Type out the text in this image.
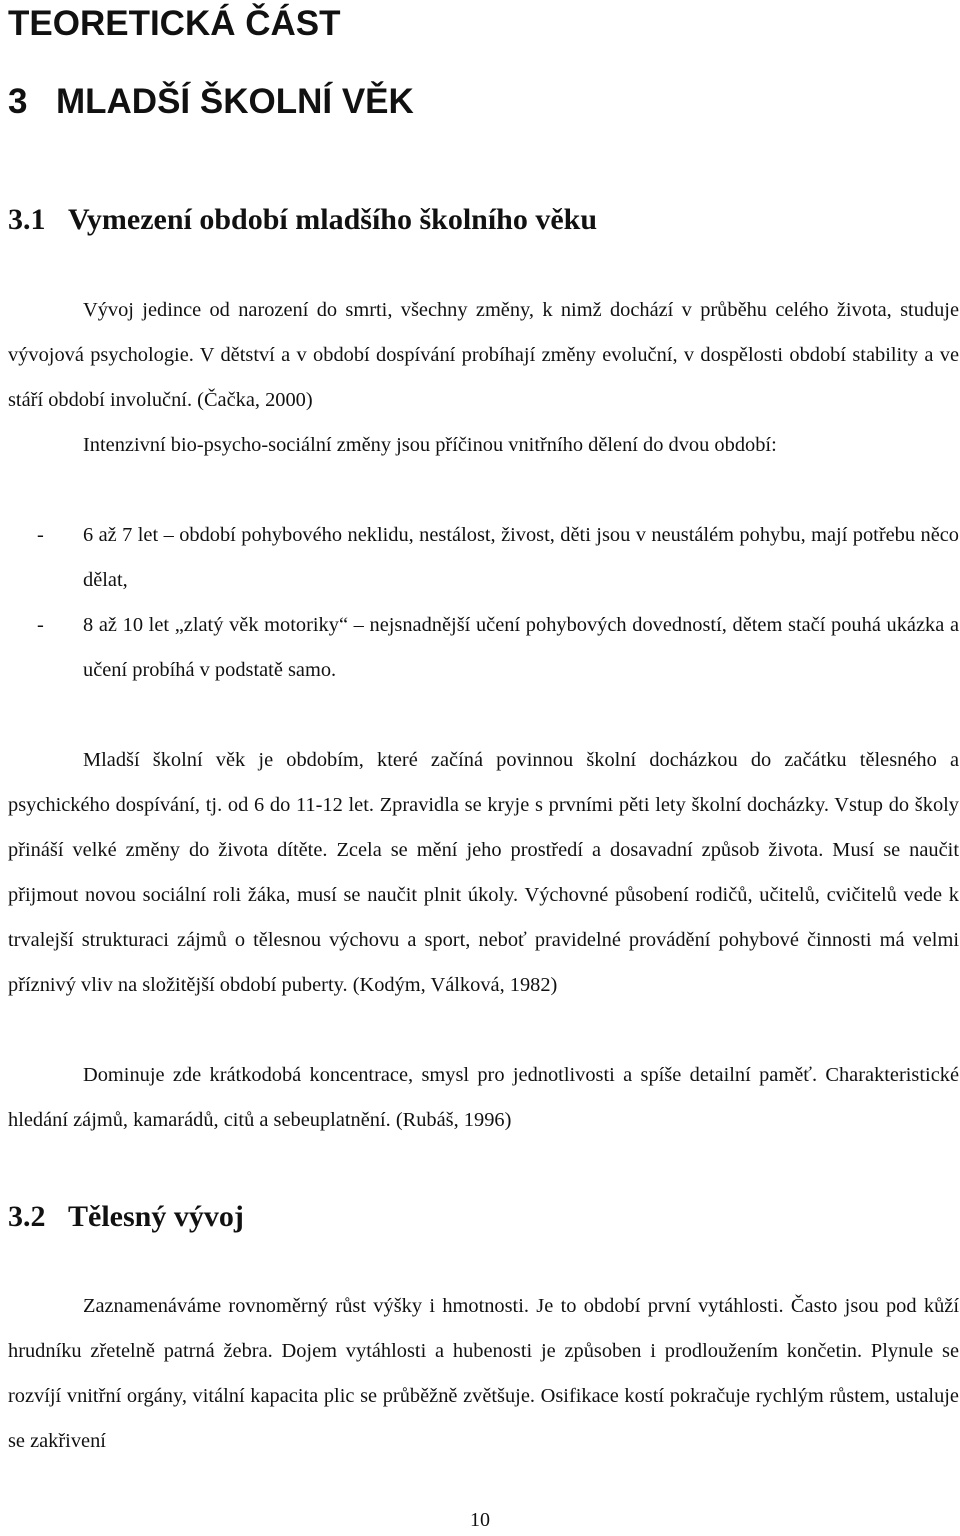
TEORETICKÁ ČÁST
3 MLADŠÍ ŠKOLNÍ VĚK
3.1 Vymezení období mladšího školního věku

Vývoj jedince od narození do smrti, všechny změny, k nimž dochází v průběhu celého života, studuje vývojová psychologie. V dětství a v období dospívání probíhají změny evoluční, v dospělosti období stability a ve stáří období involuční. (Čačka, 2000)

Intenzivní bio-psycho-sociální změny jsou příčinou vnitřního dělení do dvou období:

- 6 až 7 let – období pohybového neklidu, nestálost, živost, děti jsou v neustálém pohybu, mají potřebu něco dělat,
- 8 až 10 let „zlatý věk motoriky“ – nejsnadnější učení pohybových dovedností, dětem stačí pouhá ukázka a učení probíhá v podstatě samo.

Mladší školní věk je obdobím, které začíná povinnou školní docházkou do začátku tělesného a psychického dospívání, tj. od 6 do 11-12 let. Zpravidla se kryje s prvními pěti lety školní docházky. Vstup do školy přináší velké změny do života dítěte. Zcela se mění jeho prostředí a dosavadní způsob života. Musí se naučit přijmout novou sociální roli žáka, musí se naučit plnit úkoly. Výchovné působení rodičů, učitelů, cvičitelů vede k trvalejší strukturaci zájmů o tělesnou výchovu a sport, neboť pravidelné provádění pohybové činnosti má velmi příznivý vliv na složitější období puberty. (Kodým, Válková, 1982)

Dominuje zde krátkodobá koncentrace, smysl pro jednotlivosti a spíše detailní paměť. Charakteristické hledání zájmů, kamarádů, citů a sebeuplatnění. (Rubáš, 1996)

3.2 Tělesný vývoj

Zaznamenáváme rovnoměrný růst výšky i hmotnosti. Je to období první vytáhlosti. Často jsou pod kůží hrudníku zřetelně patrná žebra. Dojem vytáhlosti a hubenosti je způsoben i prodloužením končetin. Plynule se rozvíjí vnitřní orgány, vitální kapacita plic se průběžně zvětšuje. Osifikace kostí pokračuje rychlým růstem, ustaluje se zakřivení

10
